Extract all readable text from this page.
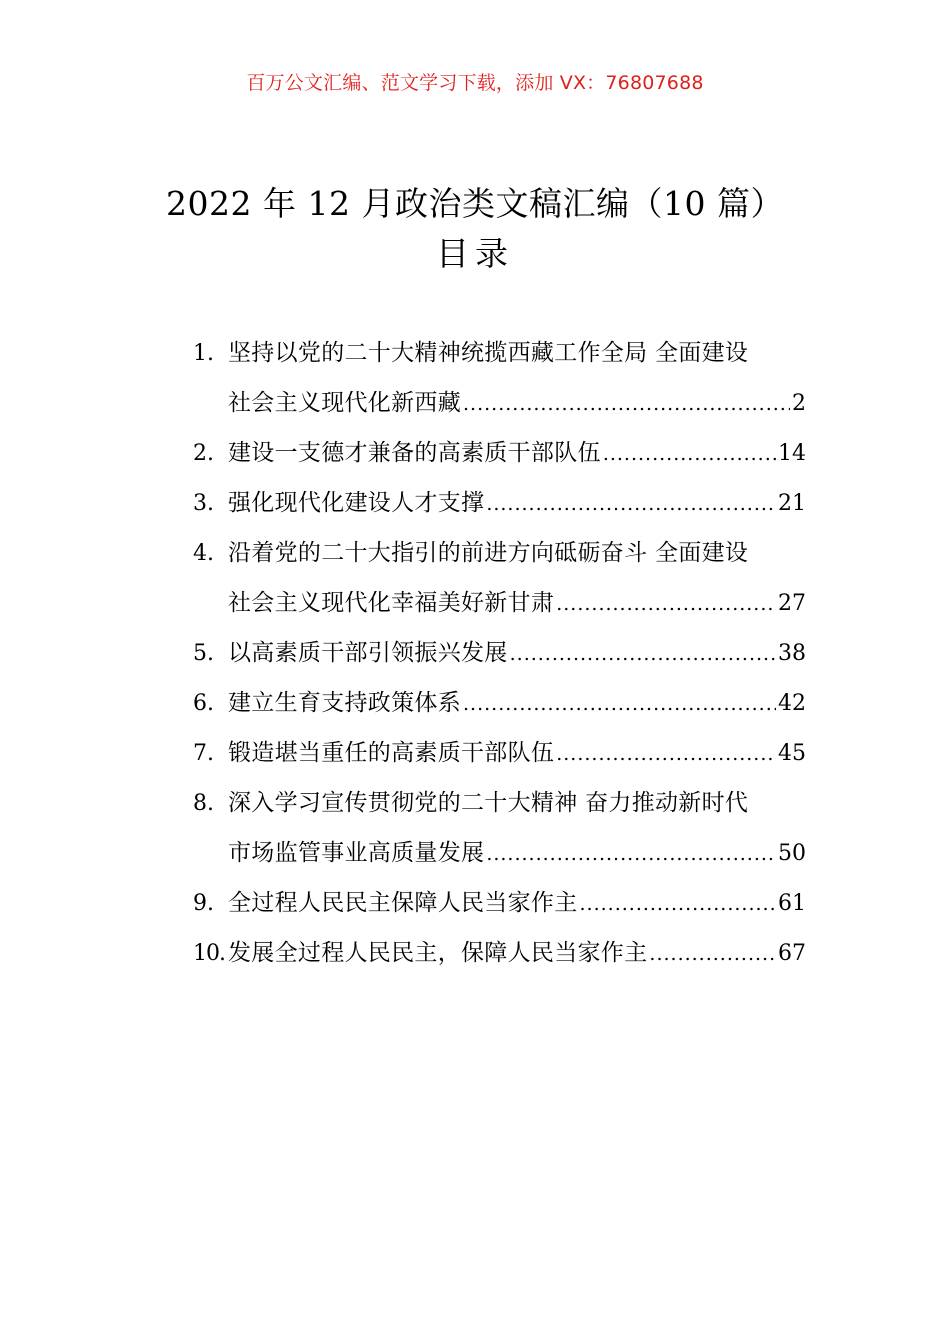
百万公文汇编、范文学习下载，添加 VX：76807688
2022 年 12 月政治类文稿汇编（10 篇）
目录
1. 坚持以党的二十大精神统揽西藏工作全局 全面建设
社会主义现代化新西藏 .....	2
2. 建设一支德才兼备的高素质干部队伍 .....	14
3. 强化现代化建设人才支撑 .....	21
4. 沿着党的二十大指引的前进方向砥砺奋斗 全面建设
社会主义现代化幸福美好新甘肃 .....	27
5. 以高素质干部引领振兴发展 .....	38
6. 建立生育支持政策体系 .....	42
7. 锻造堪当重任的高素质干部队伍 .....	45
8. 深入学习宣传贯彻党的二十大精神 奋力推动新时代
市场监管事业高质量发展 .....	50
9. 全过程人民民主保障人民当家作主 .....	61
10. 发展全过程人民民主，保障人民当家作主 .....	67
